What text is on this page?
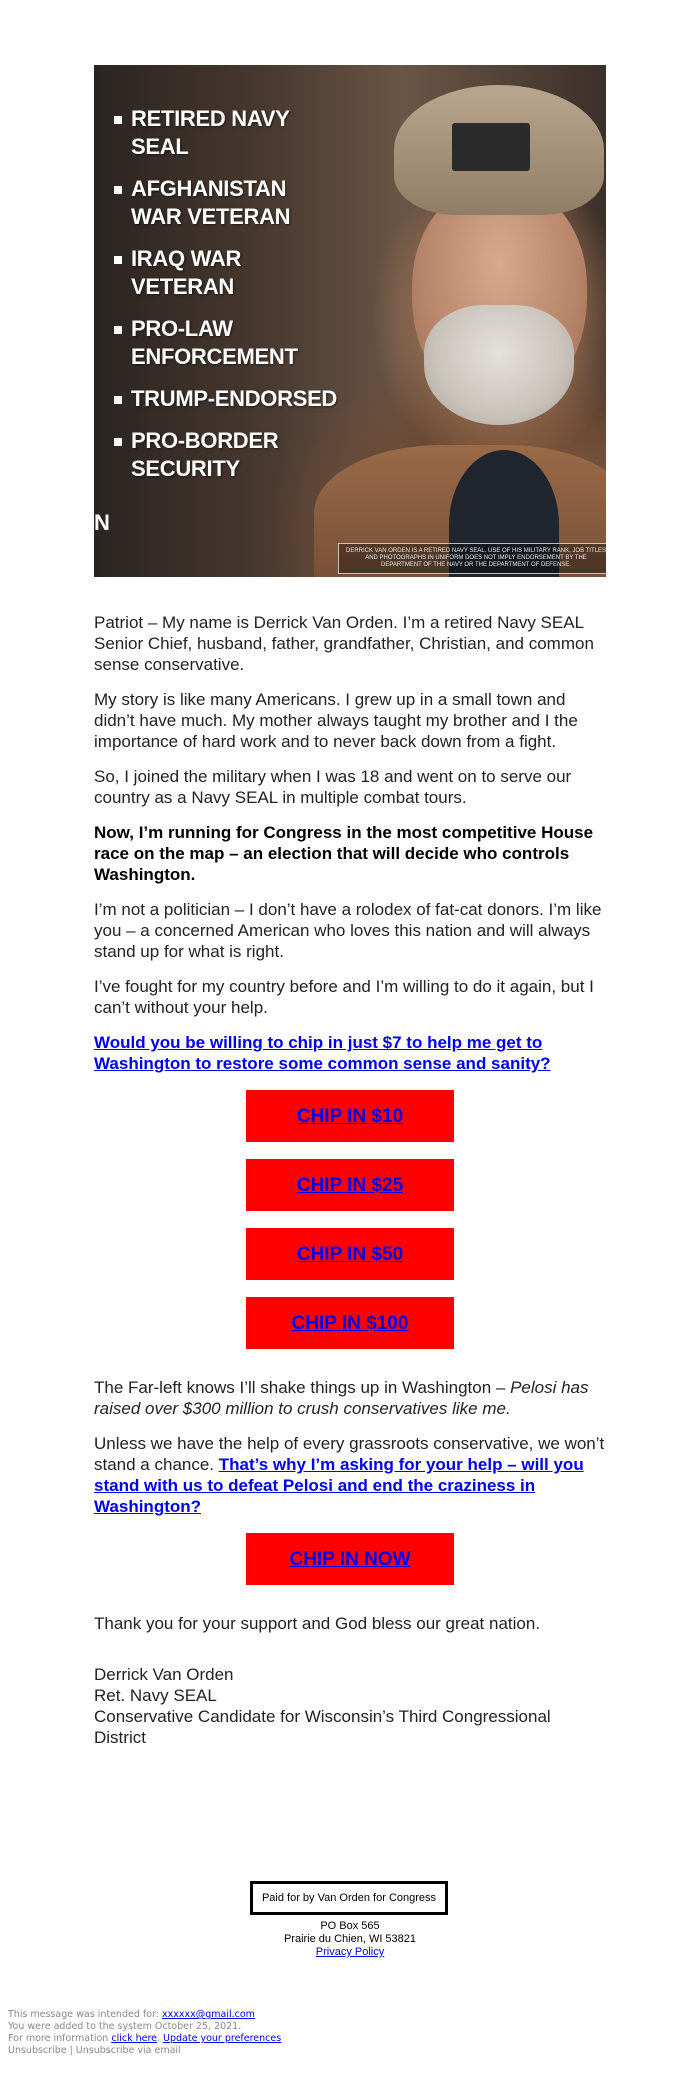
RETIRED NAVY SEAL
AFGHANISTAN WAR VETERAN
IRAQ WAR VETERAN
PRO-LAW ENFORCEMENT
TRUMP-ENDORSED
PRO-BORDER SECURITY
N
DERRICK VAN ORDEN IS A RETIRED NAVY SEAL. USE OF HIS MILITARY RANK, JOB TITLES AND PHOTOGRAPHS IN UNIFORM DOES NOT IMPLY ENDORSEMENT BY THE DEPARTMENT OF THE NAVY OR THE DEPARTMENT OF DEFENSE.

Patriot – My name is Derrick Van Orden. I’m a retired Navy SEAL Senior Chief, husband, father, grandfather, Christian, and common sense conservative.

My story is like many Americans. I grew up in a small town and didn’t have much. My mother always taught my brother and I the importance of hard work and to never back down from a fight.

So, I joined the military when I was 18 and went on to serve our country as a Navy SEAL in multiple combat tours.

Now, I’m running for Congress in the most competitive House race on the map – an election that will decide who controls Washington.

I’m not a politician – I don’t have a rolodex of fat-cat donors. I’m like you – a concerned American who loves this nation and will always stand up for what is right.

I’ve fought for my country before and I’m willing to do it again, but I can’t without your help.

Would you be willing to chip in just $7 to help me get to Washington to restore some common sense and sanity?

CHIP IN $10
CHIP IN $25
CHIP IN $50
CHIP IN $100

The Far-left knows I’ll shake things up in Washington – Pelosi has raised over $300 million to crush conservatives like me.

Unless we have the help of every grassroots conservative, we won’t stand a chance. That’s why I’m asking for your help – will you stand with us to defeat Pelosi and end the craziness in Washington?

CHIP IN NOW

Thank you for your support and God bless our great nation.

Derrick Van Orden
Ret. Navy SEAL
Conservative Candidate for Wisconsin’s Third Congressional District
Paid for by Van Orden for Congress
PO Box 565
Prairie du Chien, WI 53821
Privacy Policy
This message was intended for: xxxxxx@gmail.com
You were added to the system October 25, 2021.
For more information click here. Update your preferences
Unsubscribe | Unsubscribe via email
